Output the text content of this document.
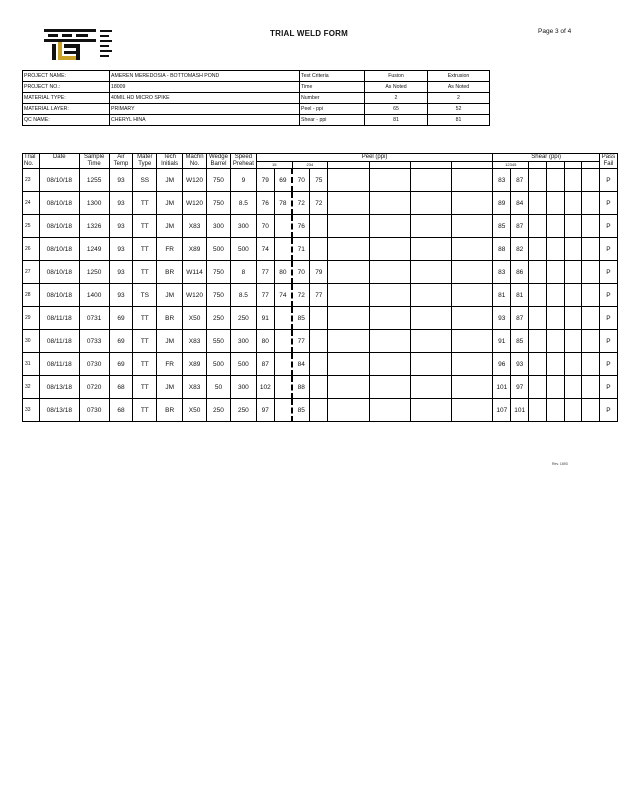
TRIAL WELD FORM	Page 3 of 4
PROJECT NAME:	AMEREN MEREDOSIA - BOTTOMASH POND	Test Criteria	Fusion	Extrusion
PROJECT NO.:	18009	Time	As Noted	As Noted
MATERIAL TYPE:	40MIL HD MICRO SPIKE	Number	2	2
MATERIAL LAYER:	PRIMARY	Peel - ppi	65	52
QC NAME:	CHERYL HINA	Shear - ppi	81	81
Trial No.	Date	Sample Time	Air Temp	Mater Type	Tech Initials	Machn No.	Wedge Barrel	Speed Preheat	Peel (ppi)								Shear (ppi)						Pass Fail
									15		234						12345						
23	08/10/18	1255	93	SS	JM	W120	750	9	79	69	70	75					83	87					P
24	08/10/18	1300	93	TT	JM	W120	750	8.5	76	78	72	72					89	84					P
25	08/10/18	1326	93	TT	JM	X83	300	300	70		76						85	87					P
26	08/10/18	1249	93	TT	FR	X89	500	500	74		71						88	82					P
27	08/10/18	1250	93	TT	BR	W114	750	8	77	80	70	79					83	86					P
28	08/10/18	1400	93	TS	JM	W120	750	8.5	77	74	72	77					81	81					P
29	08/11/18	0731	69	TT	BR	X50	250	250	91		85						93	87					P
30	08/11/18	0733	69	TT	JM	X83	550	300	80		77						91	85					P
31	08/11/18	0730	69	TT	FR	X89	500	500	87		84						96	93					P
32	08/13/18	0720	68	TT	JM	X83	50	300	102		88						101	97					P
33	08/13/18	0730	68	TT	BR	X50	250	250	97		85						107	101					P
Rev. 1693
